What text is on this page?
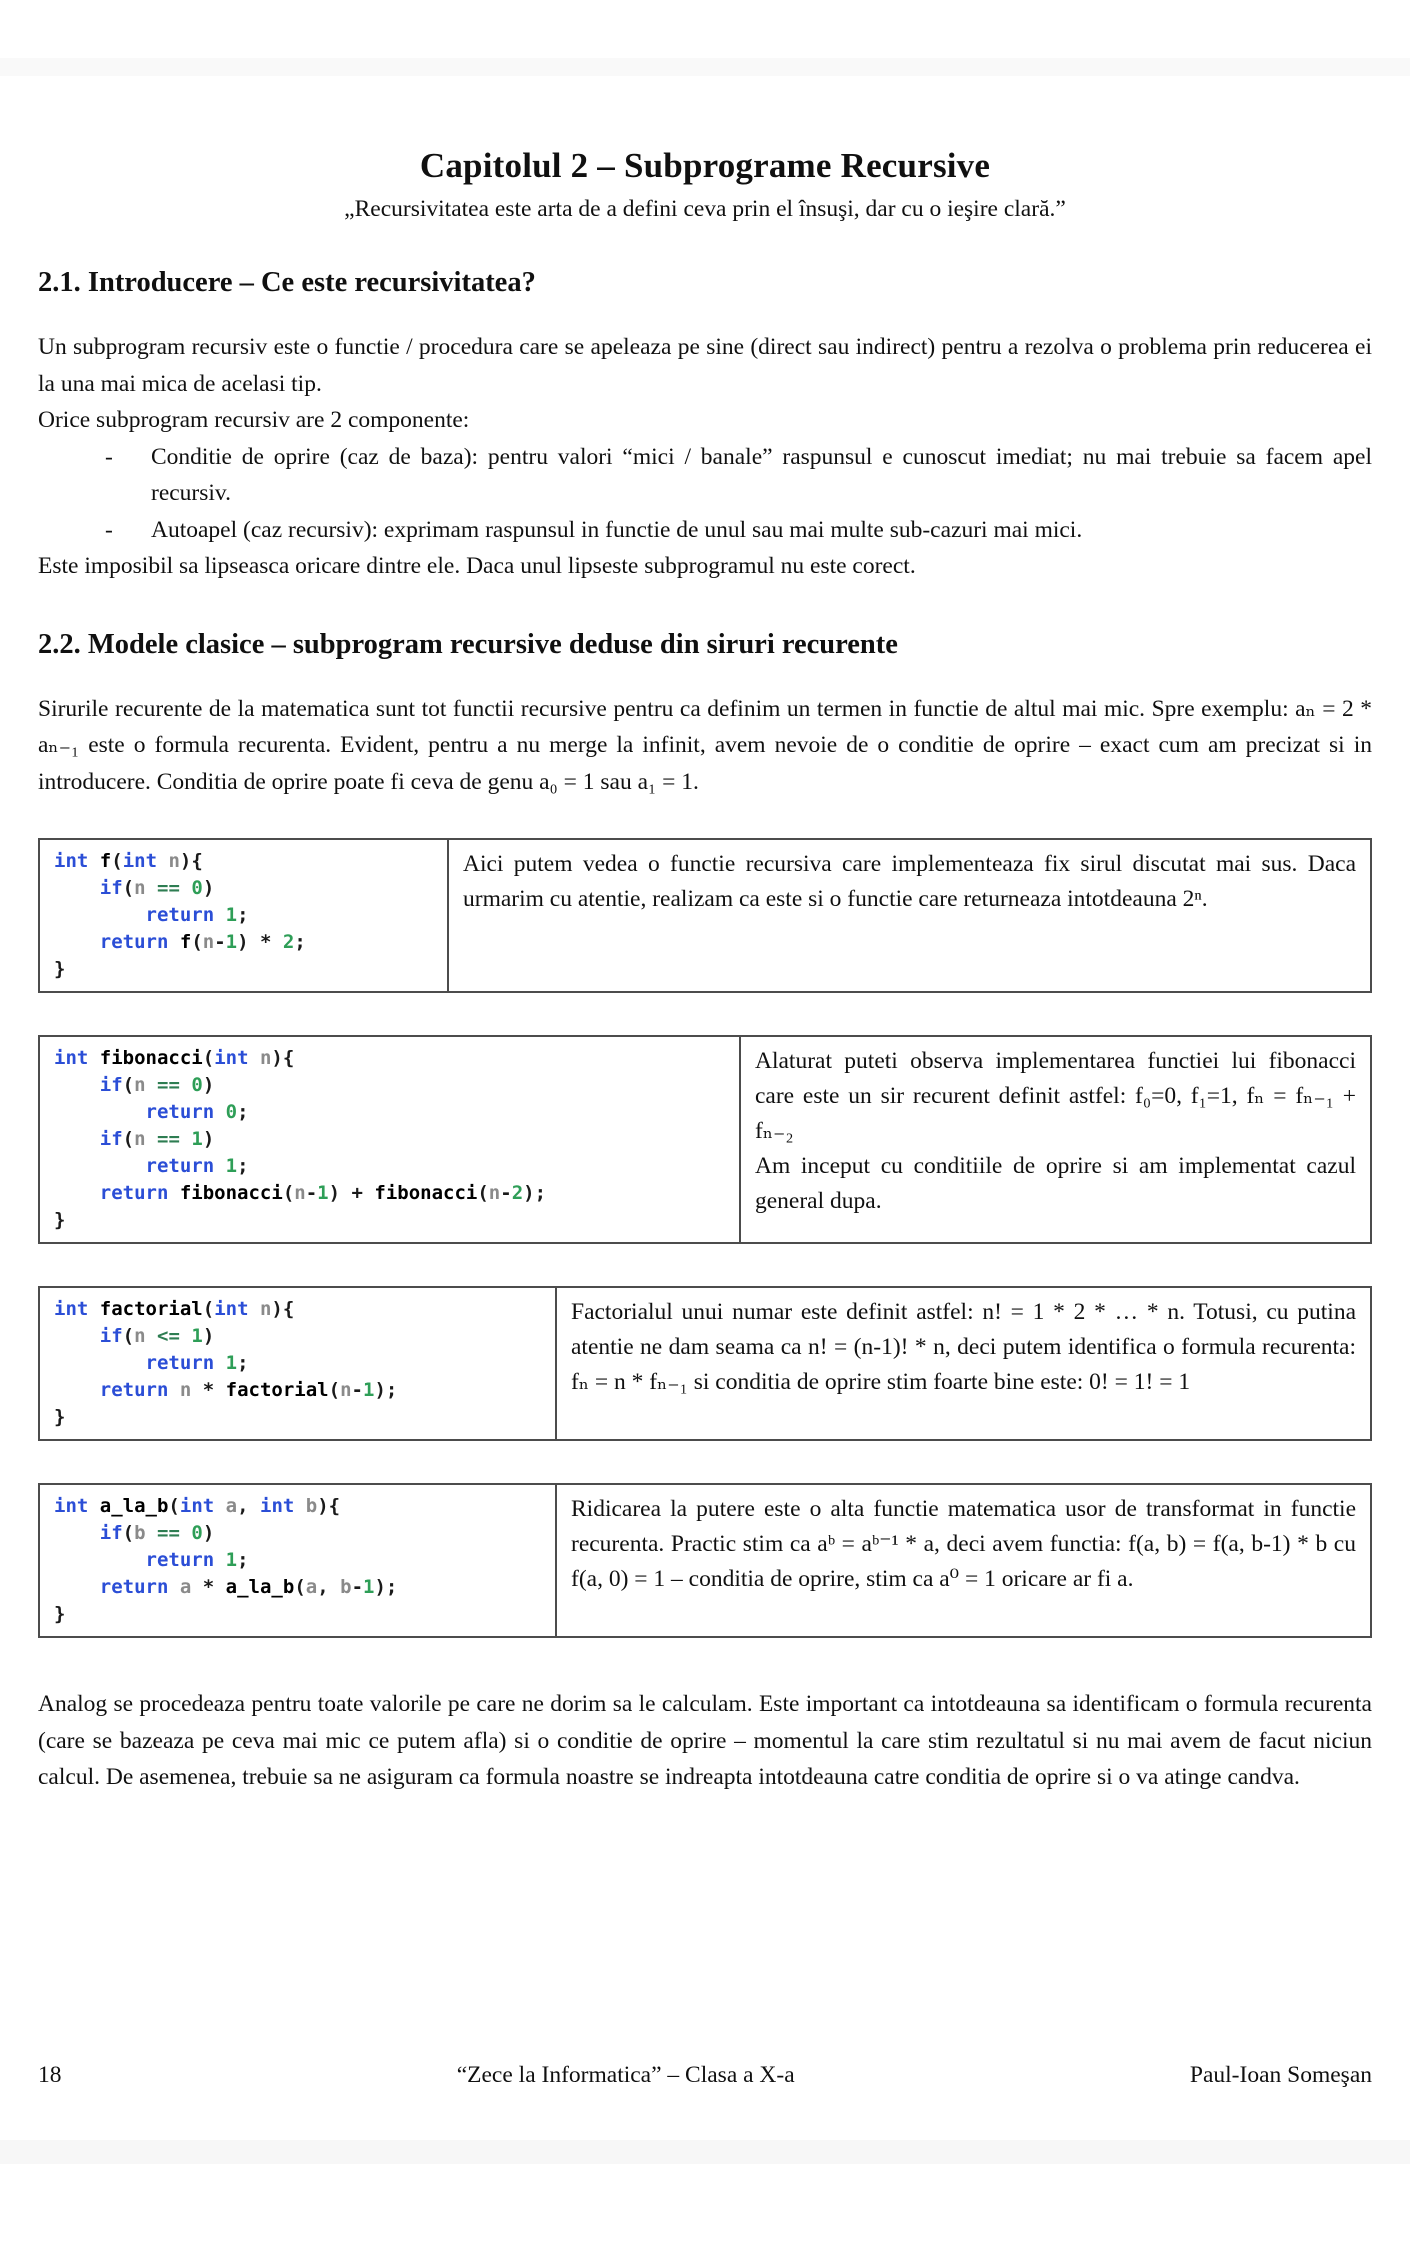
Capitolul 2 – Subprograme Recursive

„Recursivitatea este arta de a defini ceva prin el însuşi, dar cu o ieşire clară.”

2.1. Introducere – Ce este recursivitatea?

Un subprogram recursiv este o functie / procedura care se apeleaza pe sine (direct sau indirect) pentru a rezolva o problema prin reducerea ei la una mai mica de acelasi tip.

Orice subprogram recursiv are 2 componente:

-	Conditie de oprire (caz de baza): pentru valori “mici / banale” raspunsul e cunoscut imediat; nu mai trebuie sa facem apel recursiv.
-	Autoapel (caz recursiv): exprimam raspunsul in functie de unul sau mai multe sub-cazuri mai mici.

Este imposibil sa lipseasca oricare dintre ele. Daca unul lipseste subprogramul nu este corect.

2.2. Modele clasice – subprogram recursive deduse din siruri recurente

Sirurile recurente de la matematica sunt tot functii recursive pentru ca definim un termen in functie de altul mai mic. Spre exemplu: aₙ = 2 * aₙ₋₁ este o formula recurenta. Evident, pentru a nu merge la infinit, avem nevoie de o conditie de oprire – exact cum am precizat si in introducere. Conditia de oprire poate fi ceva de genu a₀ = 1 sau a₁ = 1.

int f(int n){
if(n == 0)
return 1;
return f(n-1) * 2;
}

Aici putem vedea o functie recursiva care implementeaza fix sirul discutat mai sus. Daca urmarim cu atentie, realizam ca este si o functie care returneaza intotdeauna 2ⁿ.

int fibonacci(int n){
if(n == 0)
return 0;
if(n == 1)
return 1;
return fibonacci(n-1) + fibonacci(n-2);
}

Alaturat puteti observa implementarea functiei lui fibonacci care este un sir recurent definit astfel: f₀=0, f₁=1, fₙ = fₙ₋₁ + fₙ₋₂

Am inceput cu conditiile de oprire si am implementat cazul general dupa.

int factorial(int n){
if(n <= 1)
return 1;
return n * factorial(n-1);
}

Factorialul unui numar este definit astfel: n! = 1 * 2 * … * n. Totusi, cu putina atentie ne dam seama ca n! = (n-1)! * n, deci putem identifica o formula recurenta: fₙ = n * fₙ₋₁ si conditia de oprire stim foarte bine este: 0! = 1! = 1

int a_la_b(int a, int b){
if(b == 0)
return 1;
return a * a_la_b(a, b-1);
}

Ridicarea la putere este o alta functie matematica usor de transformat in functie recurenta. Practic stim ca aᵇ = aᵇ⁻¹ * a, deci avem functia: f(a, b) = f(a, b-1) * b cu f(a, 0) = 1 – conditia de oprire, stim ca a⁰ = 1 oricare ar fi a.

Analog se procedeaza pentru toate valorile pe care ne dorim sa le calculam. Este important ca intotdeauna sa identificam o formula recurenta (care se bazeaza pe ceva mai mic ce putem afla) si o conditie de oprire – momentul la care stim rezultatul si nu mai avem de facut niciun calcul. De asemenea, trebuie sa ne asiguram ca formula noastre se indreapta intotdeauna catre conditia de oprire si o va atinge candva.

18	“Zece la Informatica” – Clasa a X-a	Paul-Ioan Someşan
